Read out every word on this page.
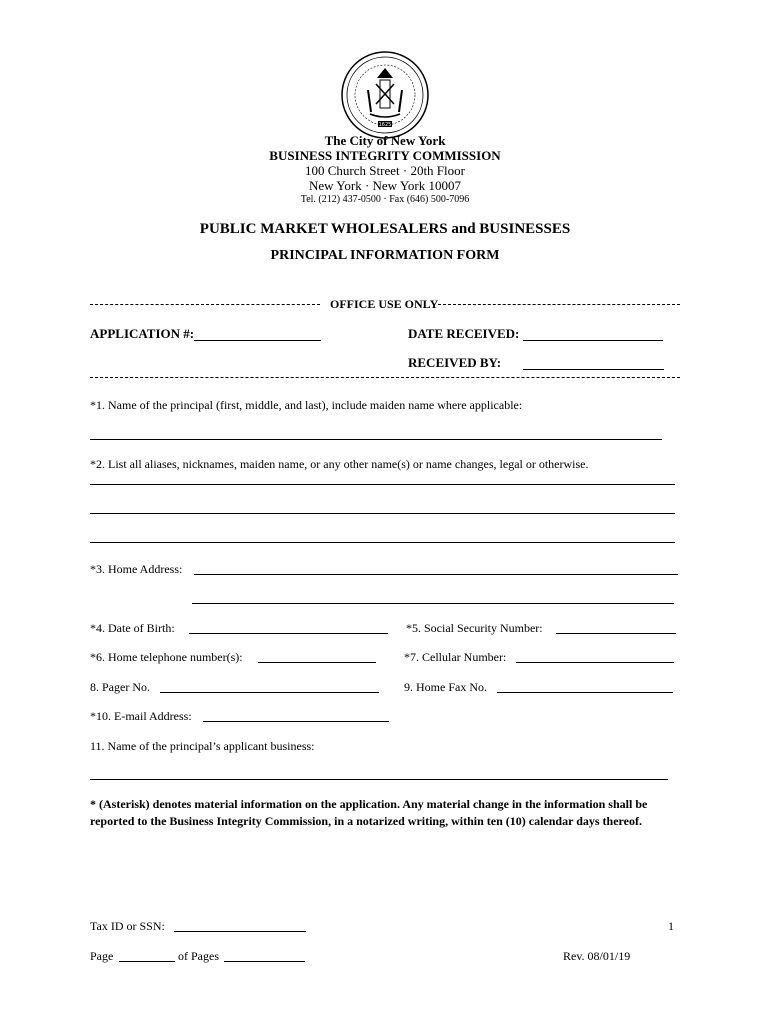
1625
The City of New York
BUSINESS INTEGRITY COMMISSION
100 Church Street · 20th Floor
New York · New York 10007
Tel. (212) 437-0500 · Fax (646) 500-7096
PUBLIC MARKET WHOLESALERS and BUSINESSES
PRINCIPAL INFORMATION FORM
OFFICE USE ONLY
APPLICATION #:	DATE RECEIVED:
RECEIVED BY:
*1. Name of the principal (first, middle, and last), include maiden name where applicable:
*2. List all aliases, nicknames, maiden name, or any other name(s) or name changes, legal or otherwise.
*3. Home Address:
*4. Date of Birth:	*5. Social Security Number:
*6. Home telephone number(s):	*7. Cellular Number:
8. Pager No.	9. Home Fax No.
*10. E-mail Address:
11. Name of the principal’s applicant business:
* (Asterisk) denotes material information on the application. Any material change in the information shall be
reported to the Business Integrity Commission, in a notarized writing, within ten (10) calendar days thereof.
Tax ID or SSN:	1
Page	of Pages	Rev. 08/01/19
